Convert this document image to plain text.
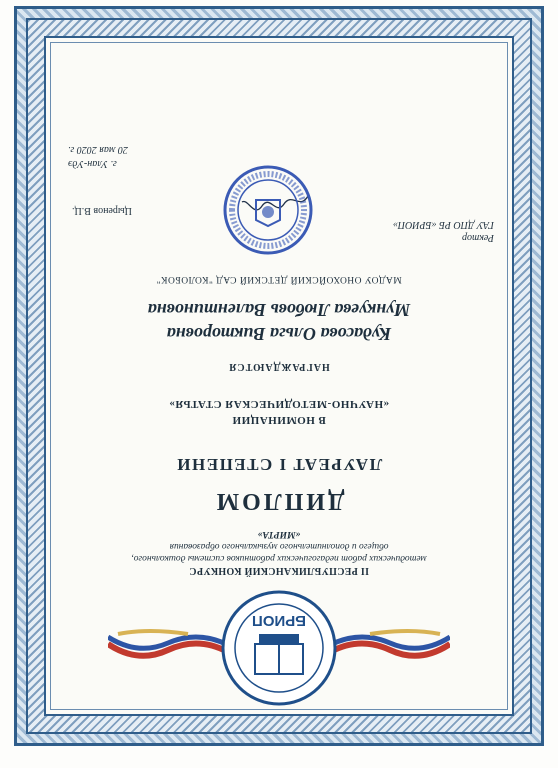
БРИОП
II РЕСПУБЛИКАНСКИЙ КОНКУРС
методических работ педагогических работников системы дошкольного,
общего и дополнительного музыкального образования
«МИРТА»
ДИПЛОМ
ЛАУРЕАТ I СТЕПЕНИ
В НОМИНАЦИИ
«НАУЧНО-МЕТОДИЧЕСКАЯ СТАТЬЯ»
НАГРАЖДАЮТСЯ
Кудасова Ольга Викторовна
Мункуева Любовь Валентиновна
МАДОУ ОНОХОЙСКИЙ ДЕТСКИЙ САД "КОЛОБОК"
Ректор
ГАУ ДПО РБ «БРИОП»
Цыренов В.Ц.
г. Улан-Удэ
20 мая 2020 г.
